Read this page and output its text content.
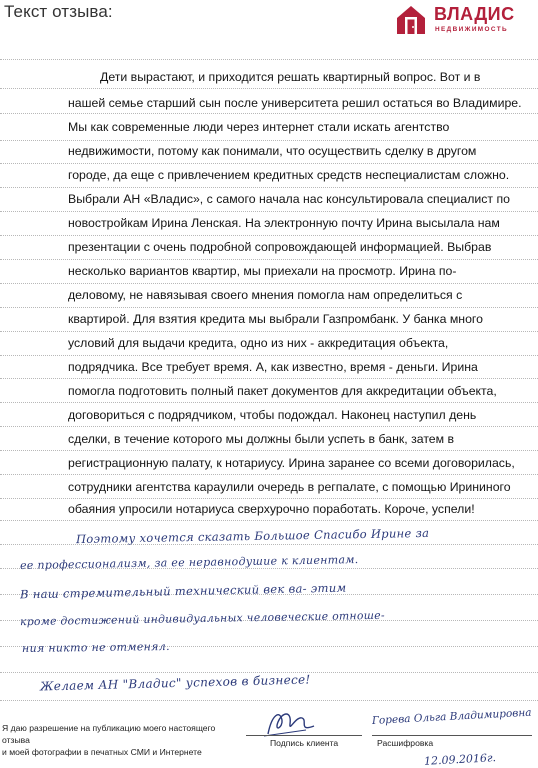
Текст отзыва:	ВЛАДИС
НЕДВИЖИМОСТЬ
Дети вырастают, и приходится решать квартирный вопрос. Вот и в
нашей семье старший сын после университета решил остаться во Владимире.
Мы как современные люди через интернет стали искать агентство
недвижимости, потому как понимали, что осуществить сделку в другом
городе, да еще с привлечением кредитных средств неспециалистам сложно.
Выбрали АН «Владис», с самого начала нас консультировала специалист по
новостройкам Ирина Ленская. На электронную почту Ирина высылала нам
презентации с очень подробной сопровождающей информацией. Выбрав
несколько вариантов квартир, мы приехали на просмотр. Ирина по-
деловому, не навязывая своего мнения помогла нам определиться с
квартирой. Для взятия кредита мы выбрали Газпромбанк. У банка много
условий для выдачи кредита, одно из них - аккредитация объекта,
подрядчика. Все требует время. А, как известно, время - деньги. Ирина
помогла подготовить полный пакет документов для аккредитации объекта,
договориться с подрядчиком, чтобы подождал. Наконец наступил день
сделки, в течение которого мы должны были успеть в банк, затем в
регистрационную палату, к нотариусу. Ирина заранее со всеми договорилась,
сотрудники агентства караулили очередь в регпалате, с помощью Ирининого
обаяния упросили нотариуса сверхурочно поработать. Короче, успели!
Поэтому хочется сказать Большое Спасибо Ирине за
ее профессионализм, за ее неравнодушие к клиентам.
В наш стремительный технический век ва- этим
кроме достижений индивидуальных человеческие отноше-
ния никто не отменял.
Желаем АН "Владис" успехов в бизнесе!
Я даю разрешение на публикацию моего настоящего отзыва
и моей фотографии в печатных СМИ и Интернете
Подпись клиента
Горева Ольга Владимировна
Расшифровка
12.09.2016г.
